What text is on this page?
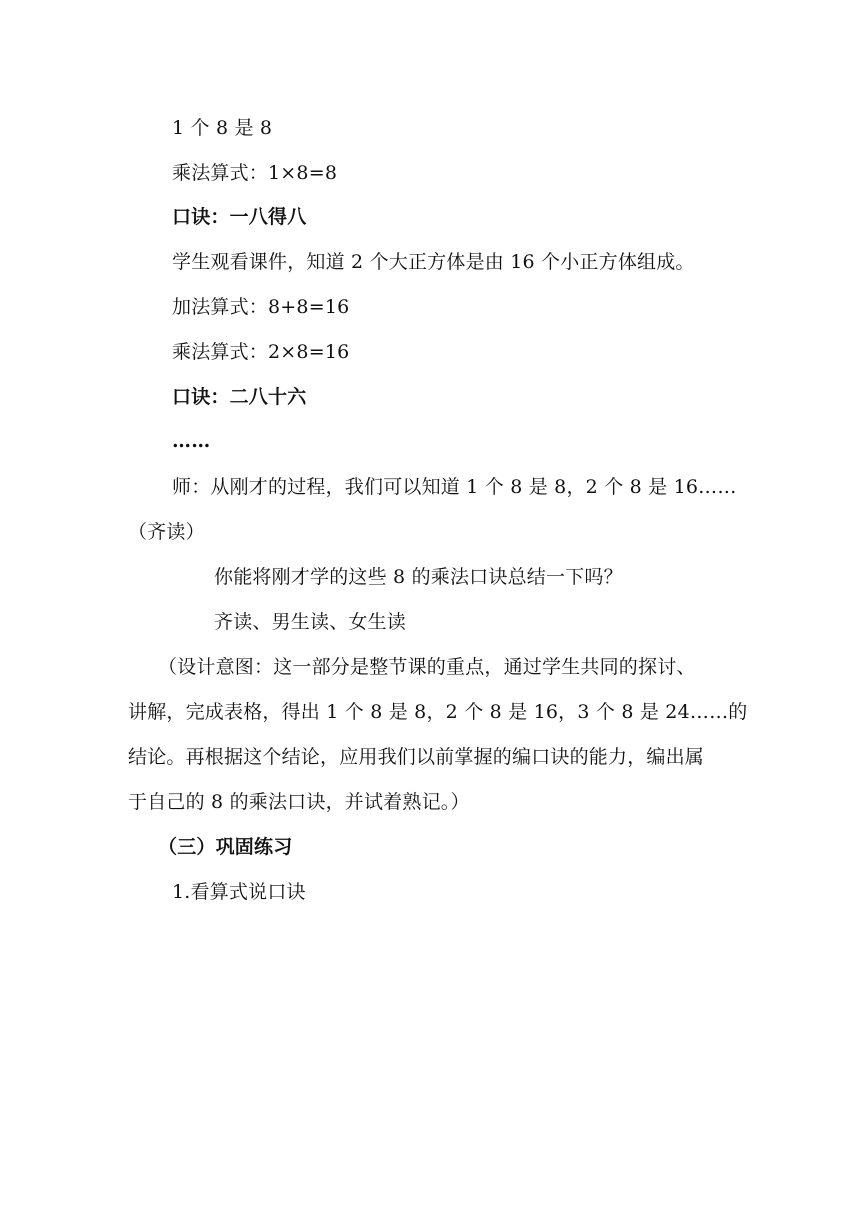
1 个 8 是 8
乘法算式：1×8=8
口诀：一八得八
学生观看课件，知道 2 个大正方体是由 16 个小正方体组成。
加法算式：8+8=16
乘法算式：2×8=16
口诀：二八十六
……
师：从刚才的过程，我们可以知道 1 个 8 是 8，2 个 8 是 16……
（齐读）
你能将刚才学的这些 8 的乘法口诀总结一下吗？
齐读、男生读、女生读
（设计意图：这一部分是整节课的重点，通过学生共同的探讨、
讲解，完成表格，得出 1 个 8 是 8，2 个 8 是 16，3 个 8 是 24……的
结论。再根据这个结论，应用我们以前掌握的编口诀的能力，编出属
于自己的 8 的乘法口诀，并试着熟记。）
（三）巩固练习
1.看算式说口诀
